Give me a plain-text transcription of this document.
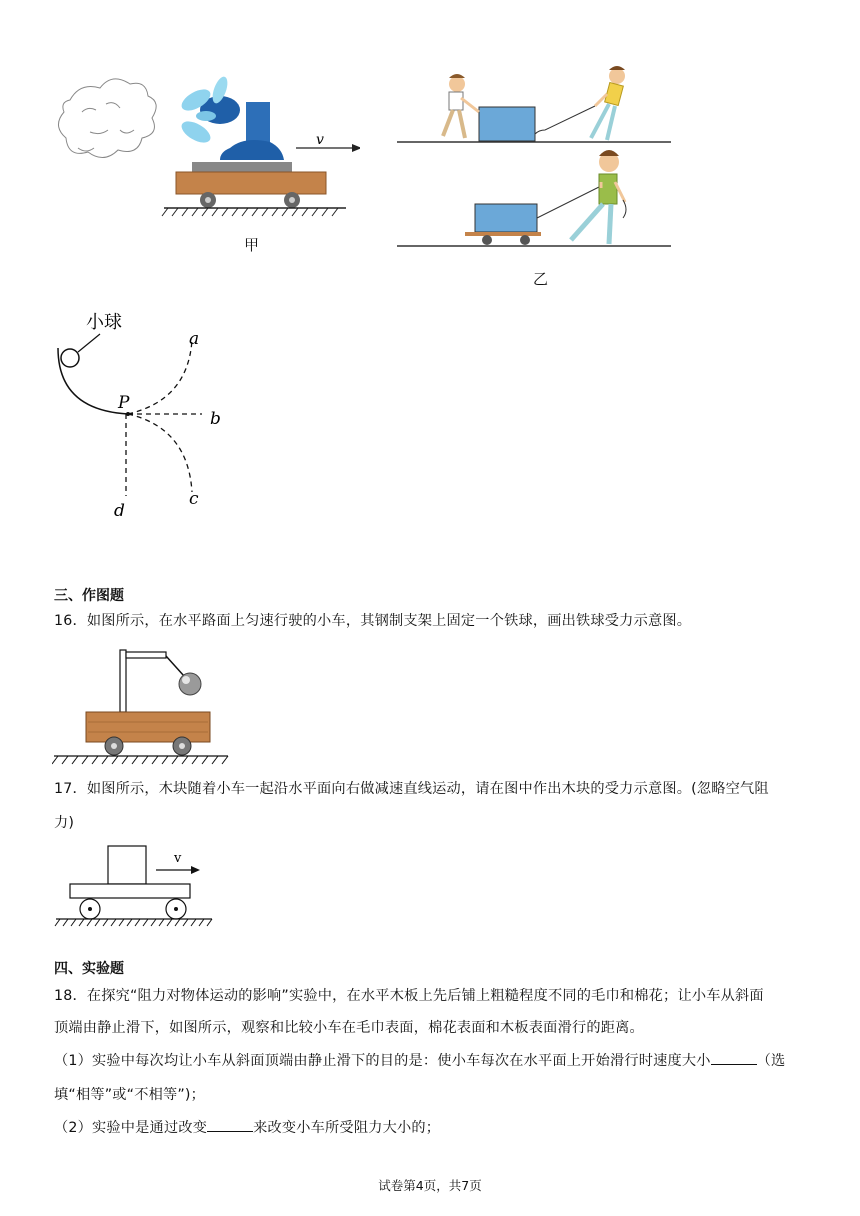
v
甲
乙
小球
P
a
b
c
d
三、作图题
16．如图所示，在水平路面上匀速行驶的小车，其钢制支架上固定一个铁球，画出铁球受力示意图。
17．如图所示，木块随着小车一起沿水平面向右做减速直线运动，请在图中作出木块的受力示意图。(忽略空气阻
力)
v
四、实验题
18．在探究“阻力对物体运动的影响”实验中，在水平木板上先后铺上粗糙程度不同的毛巾和棉花；让小车从斜面
顶端由静止滑下，如图所示，观察和比较小车在毛巾表面，棉花表面和木板表面滑行的距离。
（1）实验中每次均让小车从斜面顶端由静止滑下的目的是：使小车每次在水平面上开始滑行时速度大小	（选
填“相等”或“不相等”)；
（2）实验中是通过改变	来改变小车所受阻力大小的；
试卷第4页，共7页
